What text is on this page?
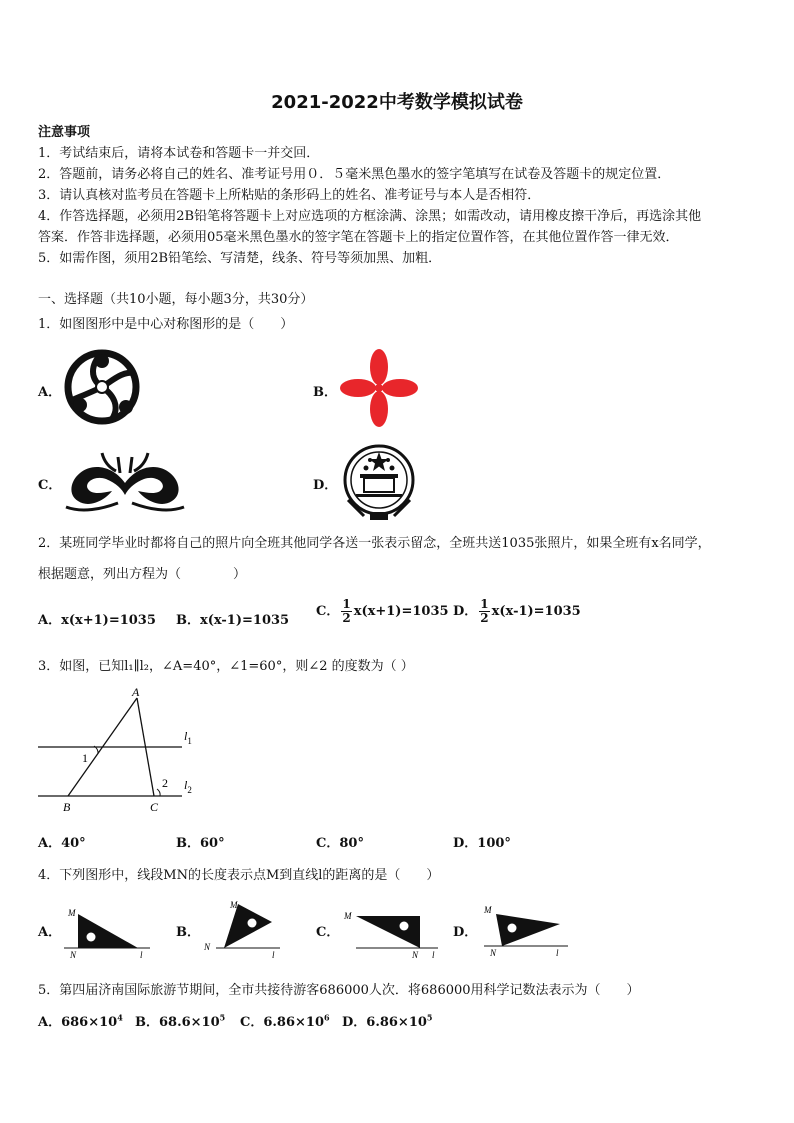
2021-2022中考数学模拟试卷
注意事项
1．考试结束后，请将本试卷和答题卡一并交回．
2．答题前，请务必将自己的姓名、准考证号用０．５毫米黑色墨水的签字笔填写在试卷及答题卡的规定位置．
3．请认真核对监考员在答题卡上所粘贴的条形码上的姓名、准考证号与本人是否相符．
4．作答选择题，必须用2B铅笔将答题卡上对应选项的方框涂满、涂黑；如需改动，请用橡皮擦干净后，再选涂其他
答案．作答非选择题，必须用05毫米黑色墨水的签字笔在答题卡上的指定位置作答，在其他位置作答一律无效．
5．如需作图，须用2B铅笔绘、写清楚，线条、符号等须加黑、加粗．
一、选择题（共10小题，每小题3分，共30分）
1．如图图形中是中心对称图形的是（　　）
A．	B．
C．	D．
2．某班同学毕业时都将自己的照片向全班其他同学各送一张表示留念，全班共送1035张照片，如果全班有x名同学，
根据题意，列出方程为（　　　　）
A．x(x+1)=1035 B．x(x-1)=1035
C． $\frac{1}{2} x(x+1)=1035$ D． $\frac{1}{2} x(x-1)=1035$
3．如图，已知l₁∥l₂，∠A=40°，∠1=60°，则∠2 的度数为（ ）
A
B	C
1
2
$l_1$
$l_2$
A．40°	B．60°	C．80°	D．100°
4．下列图形中，线段MN的长度表示点M到直线l的距离的是（　　）
A．
M
N	l
B．
M
N
l
C．
M
N l
D．
M
N	l
5．第四届济南国际旅游节期间，全市共接待游客686000人次．将686000用科学记数法表示为（　　）
A．$686\times 10^4$ B．$68.6\times 10^5$ C．$6.86\times 10^6$ D．$6.86\times 10^5$
